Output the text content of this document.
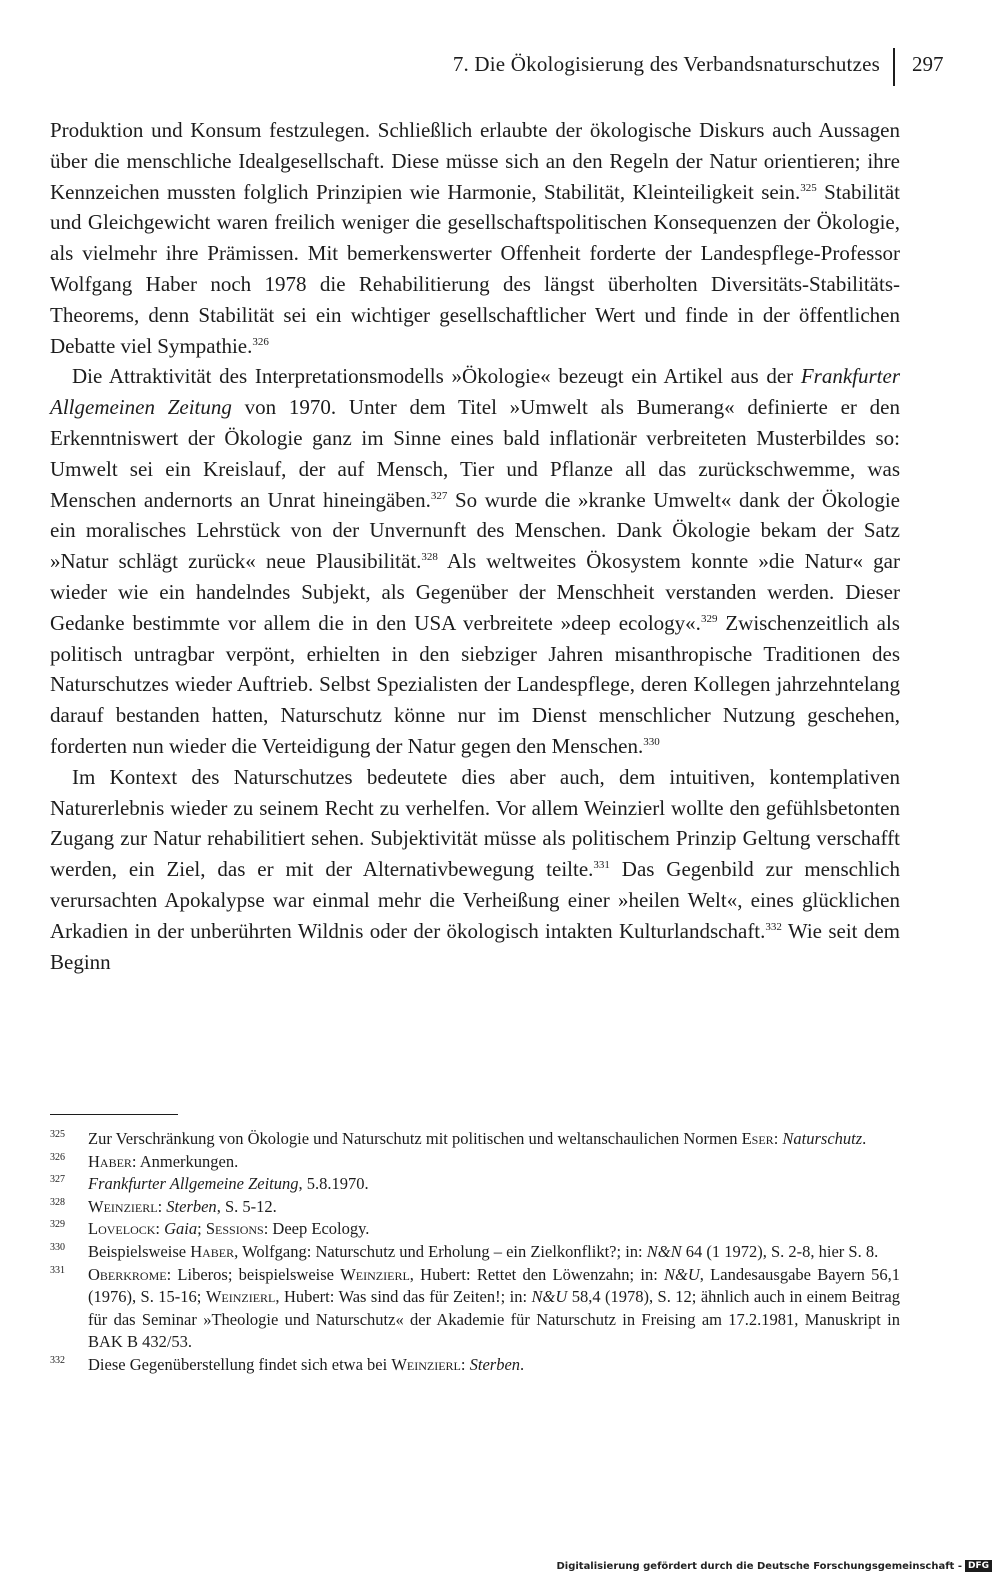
7. Die Ökologisierung des Verbandsnaturschutzes 297

Produktion und Konsum festzulegen. Schließlich erlaubte der ökologische Diskurs auch Aussagen über die menschliche Idealgesellschaft. Diese müsse sich an den Regeln der Natur orientieren; ihre Kennzeichen mussten folglich Prinzipien wie Harmonie, Stabilität, Kleinteiligkeit sein.$^{325}$ Stabilität und Gleichgewicht waren freilich weniger die gesellschaftspolitischen Konsequenzen der Ökologie, als vielmehr ihre Prämissen. Mit bemerkenswerter Offenheit forderte der Landespflege-Professor Wolfgang Haber noch 1978 die Rehabilitierung des längst überholten Diversitäts-Stabilitäts-Theorems, denn Stabilität sei ein wichtiger gesellschaftlicher Wert und finde in der öffentlichen Debatte viel Sympathie.$^{326}$

Die Attraktivität des Interpretationsmodells »Ökologie« bezeugt ein Artikel aus der Frankfurter Allgemeinen Zeitung von 1970. Unter dem Titel »Umwelt als Bumerang« definierte er den Erkenntniswert der Ökologie ganz im Sinne eines bald inflationär verbreiteten Musterbildes so: Umwelt sei ein Kreislauf, der auf Mensch, Tier und Pflanze all das zurückschwemme, was Menschen andernorts an Unrat hineingäben.$^{327}$ So wurde die »kranke Umwelt« dank der Ökologie ein moralisches Lehrstück von der Unvernunft des Menschen. Dank Ökologie bekam der Satz »Natur schlägt zurück« neue Plausibilität.$^{328}$ Als weltweites Ökosystem konnte »die Natur« gar wieder wie ein handelndes Subjekt, als Gegenüber der Menschheit verstanden werden. Dieser Gedanke bestimmte vor allem die in den USA verbreitete »deep ecology«.$^{329}$ Zwischenzeitlich als politisch untragbar verpönt, erhielten in den siebziger Jahren misanthropische Traditionen des Naturschutzes wieder Auftrieb. Selbst Spezialisten der Landespflege, deren Kollegen jahrzehntelang darauf bestanden hatten, Naturschutz könne nur im Dienst menschlicher Nutzung geschehen, forderten nun wieder die Verteidigung der Natur gegen den Menschen.$^{330}$

Im Kontext des Naturschutzes bedeutete dies aber auch, dem intuitiven, kontemplativen Naturerlebnis wieder zu seinem Recht zu verhelfen. Vor allem Weinzierl wollte den gefühlsbetonten Zugang zur Natur rehabilitiert sehen. Subjektivität müsse als politischem Prinzip Geltung verschafft werden, ein Ziel, das er mit der Alternativbewegung teilte.$^{331}$ Das Gegenbild zur menschlich verursachten Apokalypse war einmal mehr die Verheißung einer »heilen Welt«, eines glücklichen Arkadien in der unberührten Wildnis oder der ökologisch intakten Kulturlandschaft.$^{332}$ Wie seit dem Beginn

325	Zur Verschränkung von Ökologie und Naturschutz mit politischen und weltanschaulichen Normen Eser: Naturschutz.
326	Haber: Anmerkungen.
327	Frankfurter Allgemeine Zeitung, 5.8.1970.
328	Weinzierl: Sterben, S. 5-12.
329	Lovelock: Gaia; Sessions: Deep Ecology.
330	Beispielsweise Haber, Wolfgang: Naturschutz und Erholung – ein Zielkonflikt?; in: N&N 64 (1 1972), S. 2-8, hier S. 8.
331	Oberkrome: Liberos; beispielsweise Weinzierl, Hubert: Rettet den Löwenzahn; in: N&U, Landesausgabe Bayern 56,1 (1976), S. 15-16; Weinzierl, Hubert: Was sind das für Zeiten!; in: N&U 58,4 (1978), S. 12; ähnlich auch in einem Beitrag für das Seminar »Theologie und Naturschutz« der Akademie für Naturschutz in Freising am 17.2.1981, Manuskript in BAK B 432/53.
332	Diese Gegenüberstellung findet sich etwa bei Weinzierl: Sterben.
Digitalisierung gefördert durch die Deutsche Forschungsgemeinschaft - DFG
